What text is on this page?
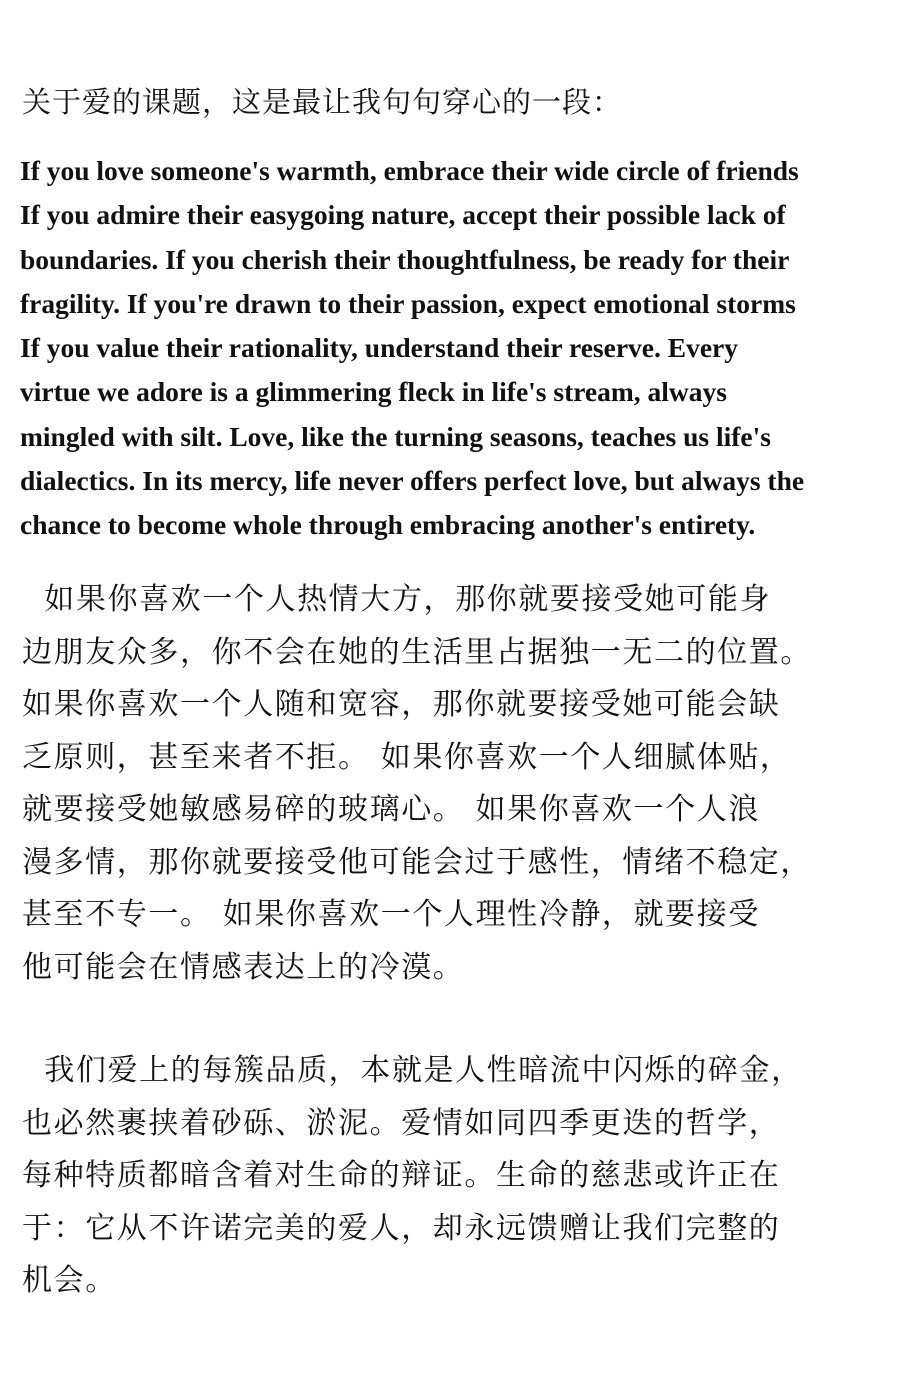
关于爱的课题，这是最让我句句穿心的一段：
If you love someone's warmth, embrace their wide circle of friends
If you admire their easygoing nature, accept their possible lack of
boundaries. If you cherish their thoughtfulness, be ready for their
fragility. If you're drawn to their passion, expect emotional storms
If you value their rationality, understand their reserve. Every
virtue we adore is a glimmering fleck in life's stream, always
mingled with silt. Love, like the turning seasons, teaches us life's
dialectics. In its mercy, life never offers perfect love, but always the
chance to become whole through embracing another's entirety.
如果你喜欢一个人热情大方，那你就要接受她可能身
边朋友众多，你不会在她的生活里占据独一无二的位置。
如果你喜欢一个人随和宽容，那你就要接受她可能会缺
乏原则，甚至来者不拒。 如果你喜欢一个人细腻体贴，
就要接受她敏感易碎的玻璃心。 如果你喜欢一个人浪
漫多情，那你就要接受他可能会过于感性，情绪不稳定，
甚至不专一。 如果你喜欢一个人理性冷静，就要接受
他可能会在情感表达上的冷漠。
我们爱上的每簇品质，本就是人性暗流中闪烁的碎金，
也必然裹挟着砂砾、淤泥。爱情如同四季更迭的哲学，
每种特质都暗含着对生命的辩证。生命的慈悲或许正在
于：它从不许诺完美的爱人，却永远馈赠让我们完整的
机会。
